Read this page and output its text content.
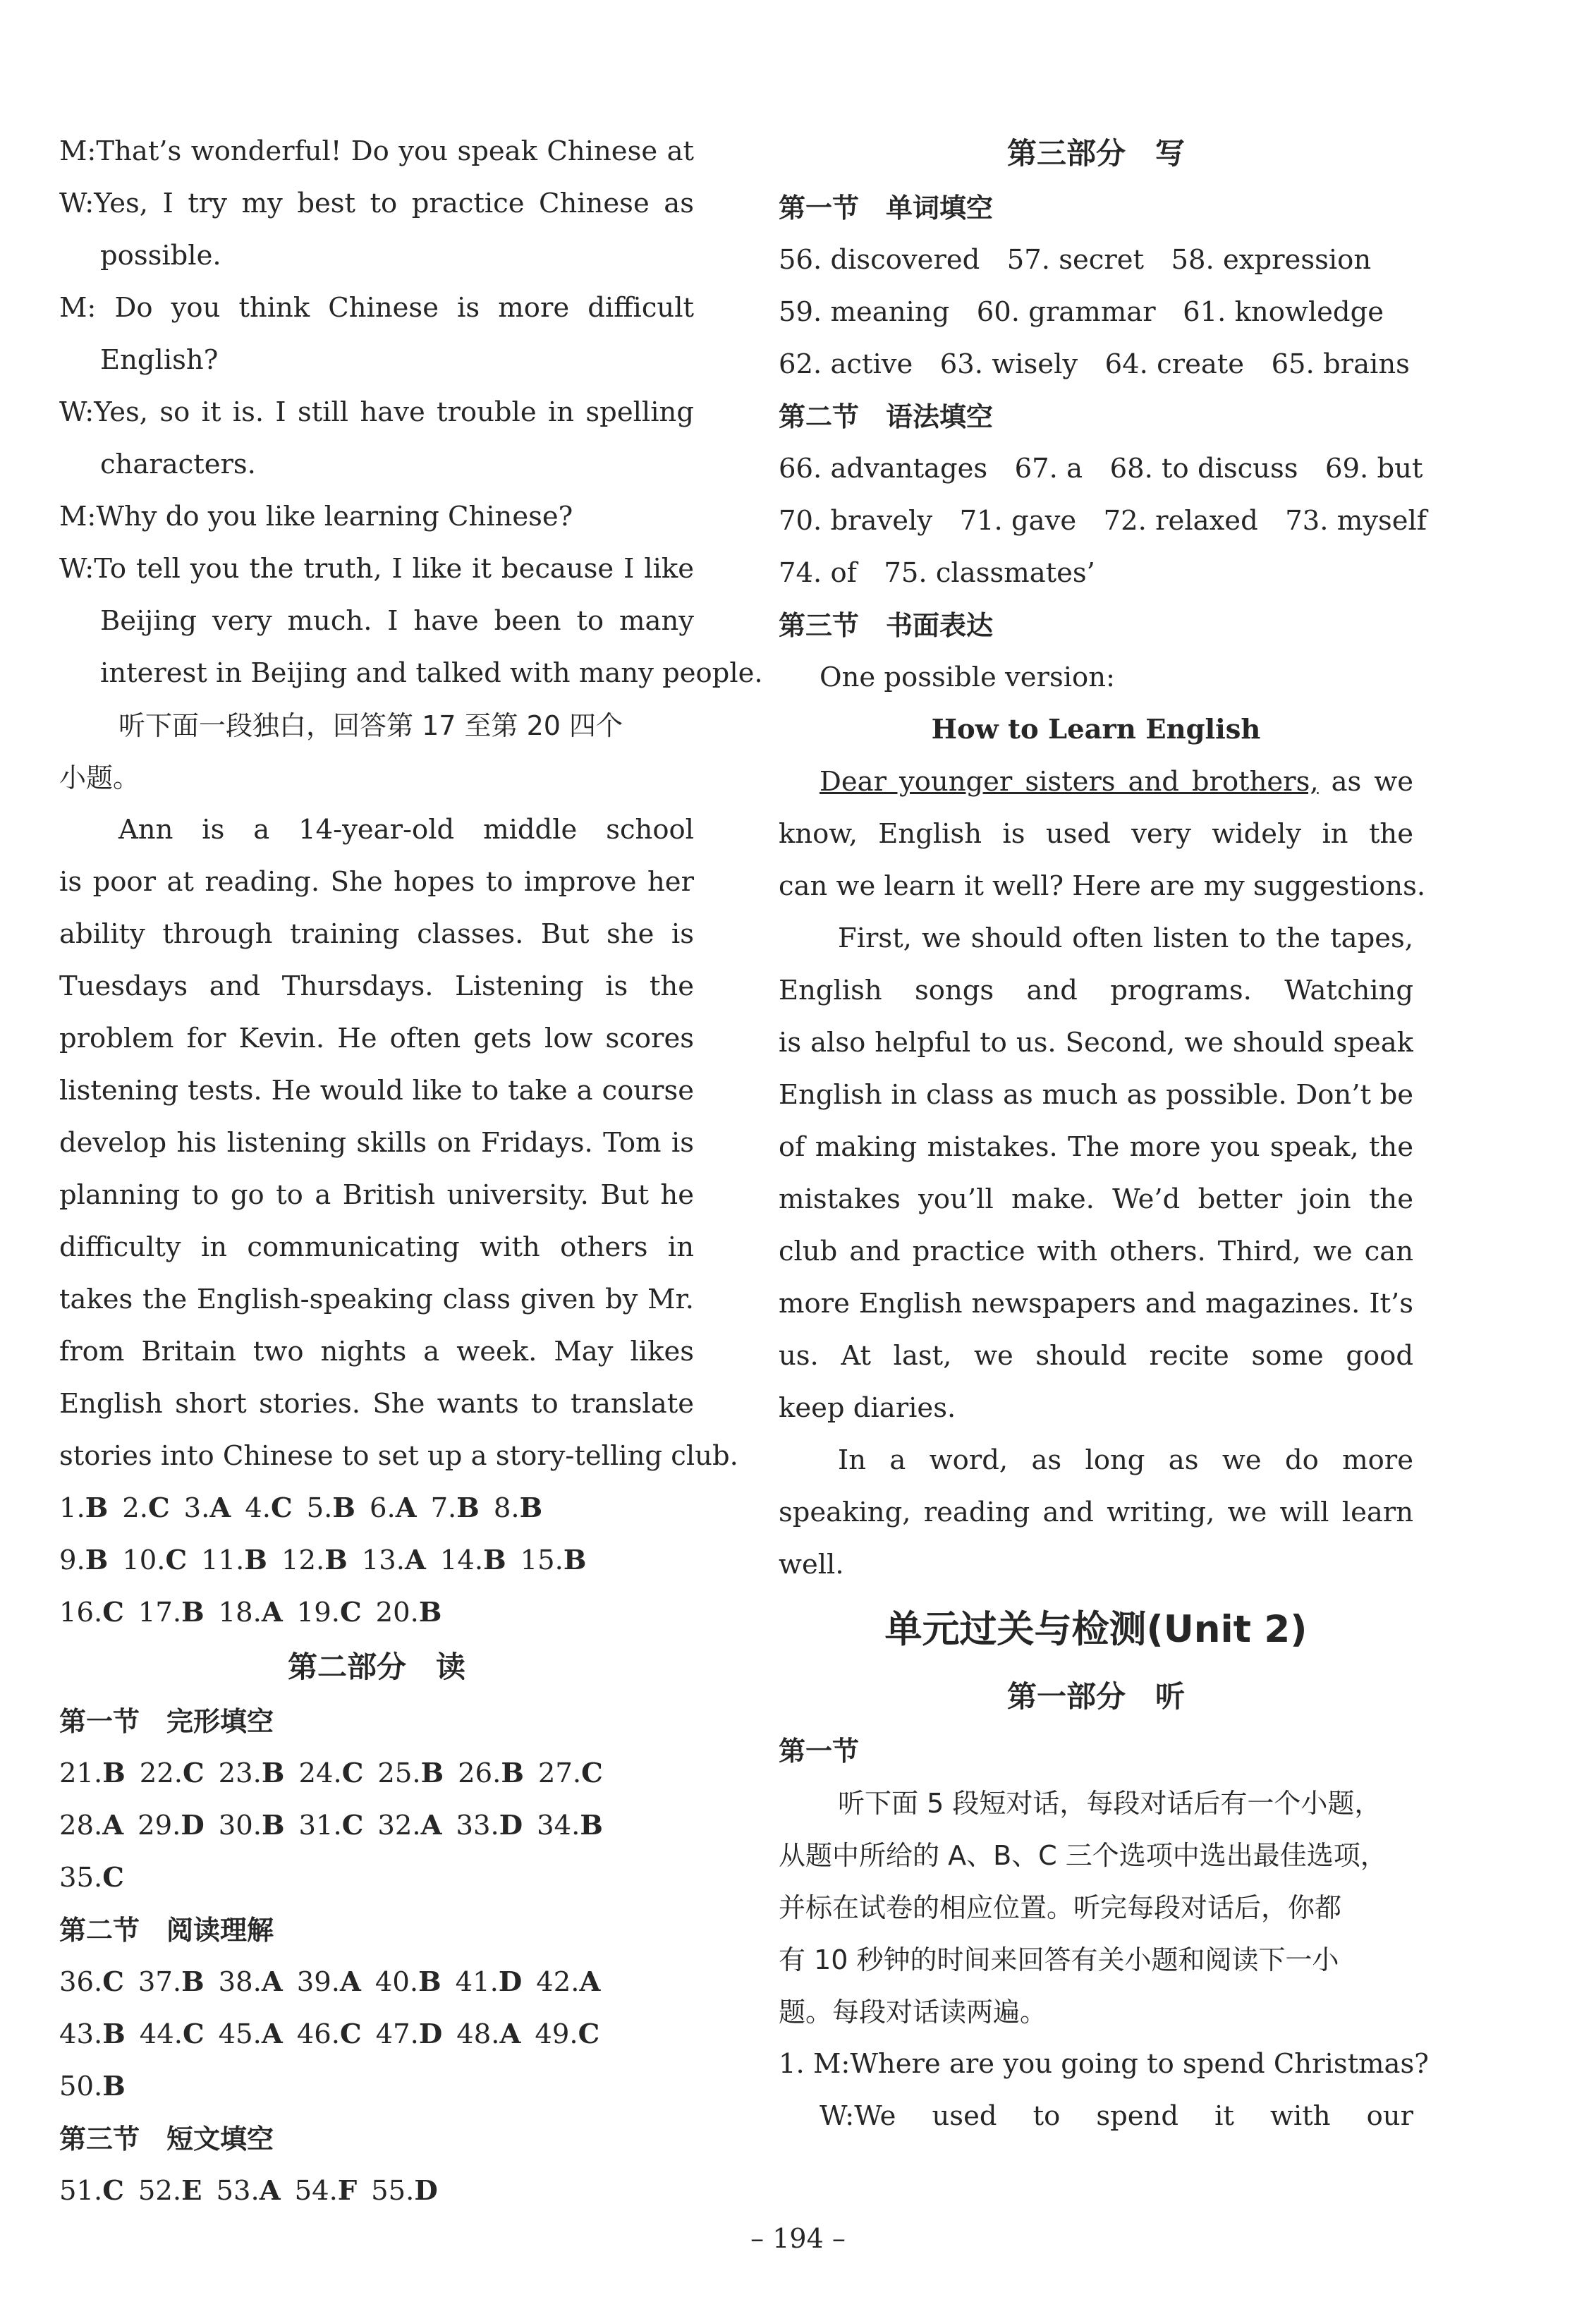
M:That’s wonderful! Do you speak Chinese at
W:Yes, I try my best to practice Chinese as
possible.
M: Do you think Chinese is more difficult
English?
W:Yes, so it is. I still have trouble in spelling
characters.
M:Why do you like learning Chinese?
W:To tell you the truth, I like it because I like
Beijing very much. I have been to many
interest in Beijing and talked with many people.
听下面一段独白，回答第 17 至第 20 四个
小题。
Ann is a 14-year-old middle school
is poor at reading. She hopes to improve her
ability through training classes. But she is
Tuesdays and Thursdays. Listening is the
problem for Kevin. He often gets low scores
listening tests. He would like to take a course
develop his listening skills on Fridays. Tom is
planning to go to a British university. But he
difficulty in communicating with others in
takes the English-speaking class given by Mr.
from Britain two nights a week. May likes
English short stories. She wants to translate
stories into Chinese to set up a story-telling club.
1.B 2.C 3.A 4.C 5.B 6.A 7.B 8.B
9.B 10.C 11.B 12.B 13.A 14.B 15.B
16.C 17.B 18.A 19.C 20.B
第二部分　读
第一节　完形填空
21.B 22.C 23.B 24.C 25.B 26.B 27.C
28.A 29.D 30.B 31.C 32.A 33.D 34.B
35.C
第二节　阅读理解
36.C 37.B 38.A 39.A 40.B 41.D 42.A
43.B 44.C 45.A 46.C 47.D 48.A 49.C
50.B
第三节　短文填空
51.C 52.E 53.A 54.F 55.D
第三部分　写
第一节　单词填空
56. discovered　57. secret　58. expression
59. meaning　60. grammar　61. knowledge
62. active　63. wisely　64. create　65. brains
第二节　语法填空
66. advantages　67. a　68. to discuss　69. but
70. bravely　71. gave　72. relaxed　73. myself
74. of　75. classmates’
第三节　书面表达
One possible version:
How to Learn English
Dear younger sisters and brothers, as we
know, English is used very widely in the
can we learn it well? Here are my suggestions.
First, we should often listen to the tapes,
English songs and programs. Watching
is also helpful to us. Second, we should speak
English in class as much as possible. Don’t be
of making mistakes. The more you speak, the
mistakes you’ll make. We’d better join the
club and practice with others. Third, we can
more English newspapers and magazines. It’s
us. At last, we should recite some good
keep diaries.
In a word, as long as we do more
speaking, reading and writing, we will learn
well.
单元过关与检测(Unit 2)
第一部分　听
第一节
听下面 5 段短对话，每段对话后有一个小题，
从题中所给的 A、B、C 三个选项中选出最佳选项，
并标在试卷的相应位置。听完每段对话后，你都
有 10 秒钟的时间来回答有关小题和阅读下一小
题。每段对话读两遍。
1. M:Where are you going to spend Christmas?
W:We used to spend it with our
– 194 –
